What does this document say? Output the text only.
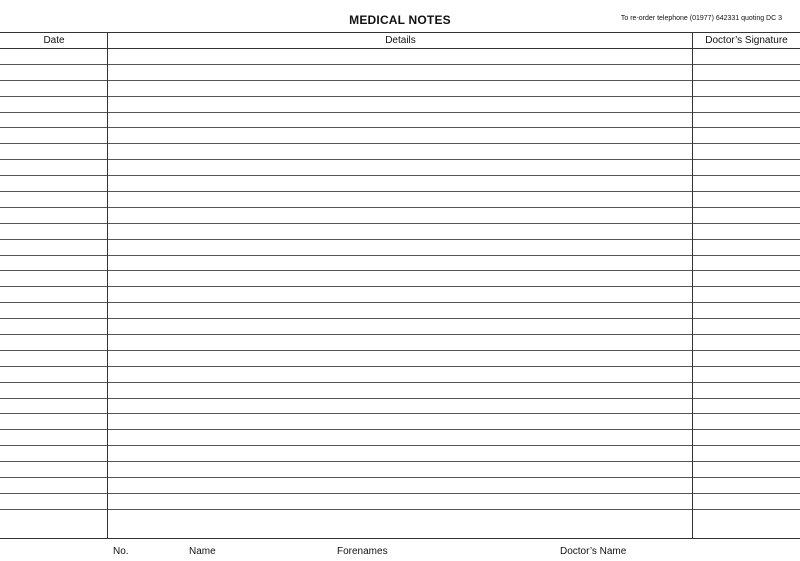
MEDICAL NOTES	To re-order telephone (01977) 642331 quoting DC 3
Date	Details	Doctor’s Signature
No.	Name	Forenames	Doctor’s Name
